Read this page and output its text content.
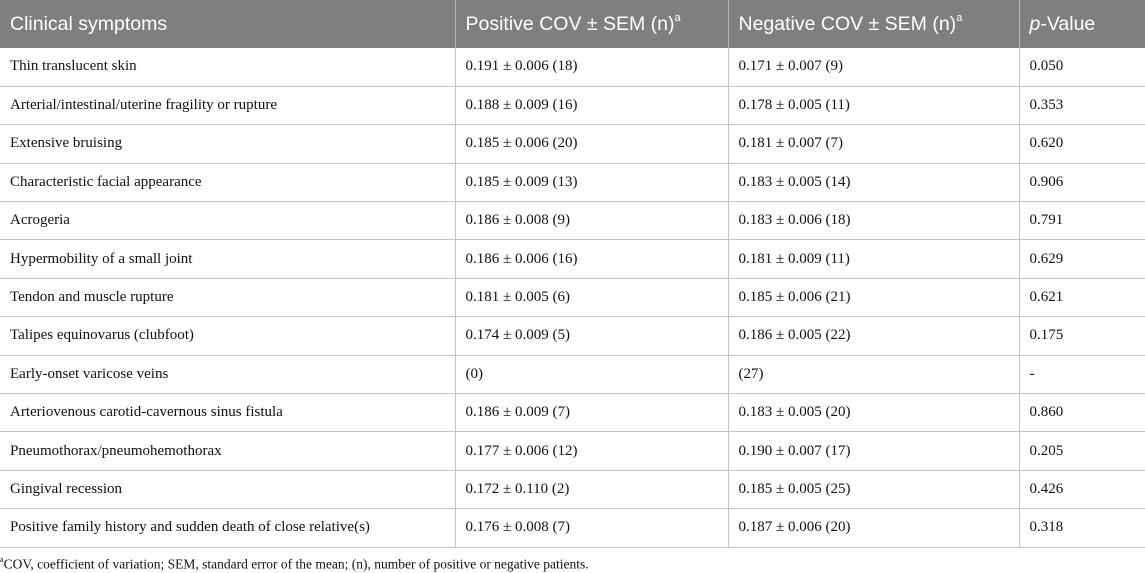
Clinical symptoms	Positive COV ± SEM $(n)^a$	Negative COV ± SEM $(n)^a$	p-Value
Thin translucent skin	0.191 ± 0.006 (18)	0.171 ± 0.007 (9)	0.050
Arterial/intestinal/uterine fragility or rupture	0.188 ± 0.009 (16)	0.178 ± 0.005 (11)	0.353
Extensive bruising	0.185 ± 0.006 (20)	0.181 ± 0.007 (7)	0.620
Characteristic facial appearance	0.185 ± 0.009 (13)	0.183 ± 0.005 (14)	0.906
Acrogeria	0.186 ± 0.008 (9)	0.183 ± 0.006 (18)	0.791
Hypermobility of a small joint	0.186 ± 0.006 (16)	0.181 ± 0.009 (11)	0.629
Tendon and muscle rupture	0.181 ± 0.005 (6)	0.185 ± 0.006 (21)	0.621
Talipes equinovarus (clubfoot)	0.174 ± 0.009 (5)	0.186 ± 0.005 (22)	0.175
Early-onset varicose veins	(0)	(27)	-
Arteriovenous carotid-cavernous sinus fistula	0.186 ± 0.009 (7)	0.183 ± 0.005 (20)	0.860
Pneumothorax/pneumohemothorax	0.177 ± 0.006 (12)	0.190 ± 0.007 (17)	0.205
Gingival recession	0.172 ± 0.110 (2)	0.185 ± 0.005 (25)	0.426
Positive family history and sudden death of close relative(s)	0.176 ± 0.008 (7)	0.187 ± 0.006 (20)	0.318
$^a$COV, coefficient of variation; SEM, standard error of the mean; (n), number of positive or negative patients.
